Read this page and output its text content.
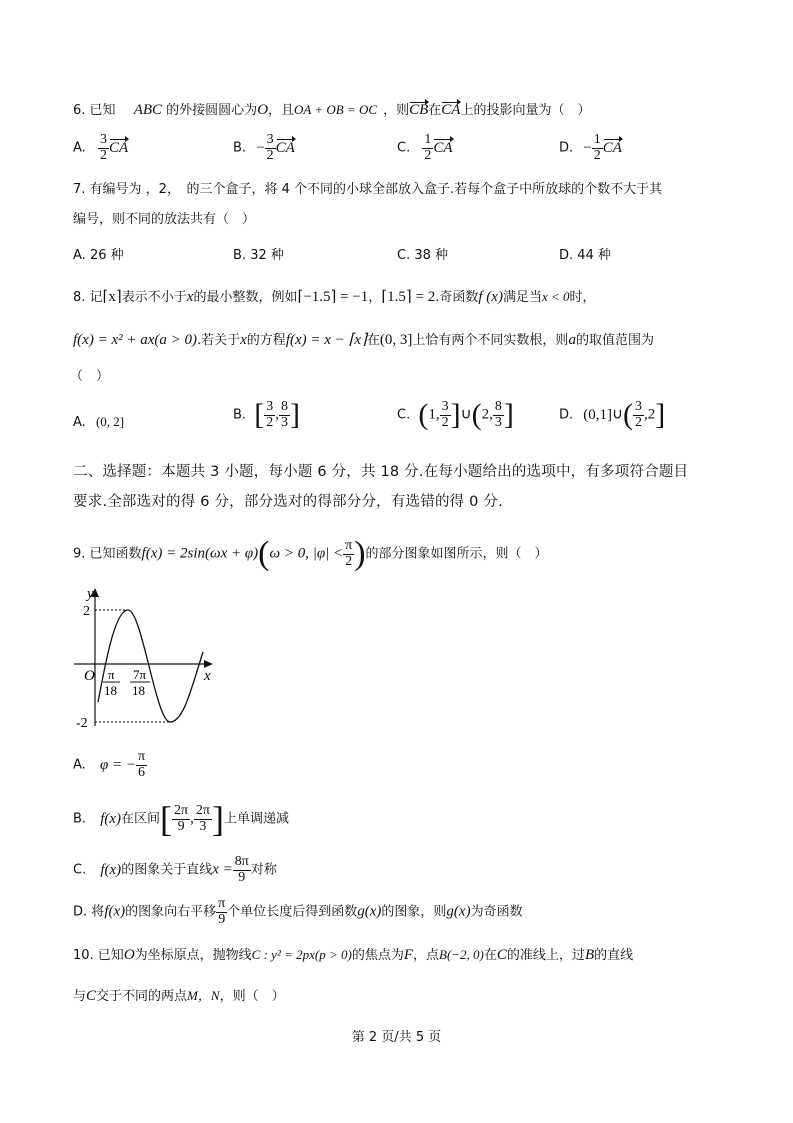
6. 已知 ABC 的外接圆圆心为O，且OA + OB = OC ，则CB在CA上的投影向量为（　）
A. $\frac{3}{2}$ CA	B. − $\frac{3}{2}$ CA	C. $\frac{1}{2}$ CA	D. − $\frac{1}{2}$ CA
7. 有编号为 ，2，　的三个盒子，将 4 个不同的小球全部放入盒子.若每个盒子中所放球的个数不大于其
编号，则不同的放法共有（　）
A. 26 种	B. 32 种	C. 38 种	D. 44 种
8. 记⌈x⌉表示不小于x的最小整数，例如⌈−1.5⌉ = −1，⌈1.5⌉ = 2.奇函数f (x)满足当x < 0时，
f(x) = x² + ax(a > 0).若关于x的方程f(x) = x − ⌈x⌉在(0, 3]上恰有两个不同实数根，则a的取值范围为
（　）
A. (0, 2]	B. [ $\frac{3}{2}$ , $\frac{8}{3}$ ]	C. (1, $\frac{3}{2}$ ]∪(2, $\frac{8}{3}$ ]	D. (0,1]∪( $\frac{3}{2} ,2$]
二、选择题：本题共 3 小题，每小题 6 分，共 18 分.在每小题给出的选项中，有多项符合题目
要求.全部选对的得 6 分，部分选对的得部分分，有选错的得 0 分.
9. 已知函数f(x) = 2sin(ωx + φ)(ω > 0, $|\varphi| < \frac{\pi}{2}$ )的部分图象如图所示，则（　）
y
x
O
2
-2
π
18
7π
18
A. φ = − $\frac{\pi}{6}$
B. f(x)在区间[ $\frac{2\pi}{9}$ , $\frac{2\pi}{3}$ ]上单调递减
C. f(x)的图象关于直线$x = \frac{8\pi}{9}$ 对称
D. 将f(x)的图象向右平移 $\frac{\pi}{9}$ 个单位长度后得到函数g(x)的图象，则g(x)为奇函数
10. 已知O为坐标原点，抛物线C : y² = 2px(p > 0)的焦点为F，点B(−2, 0)在C的准线上，过B的直线
与C交于不同的两点M，N，则（　）
第 2 页/共 5 页
